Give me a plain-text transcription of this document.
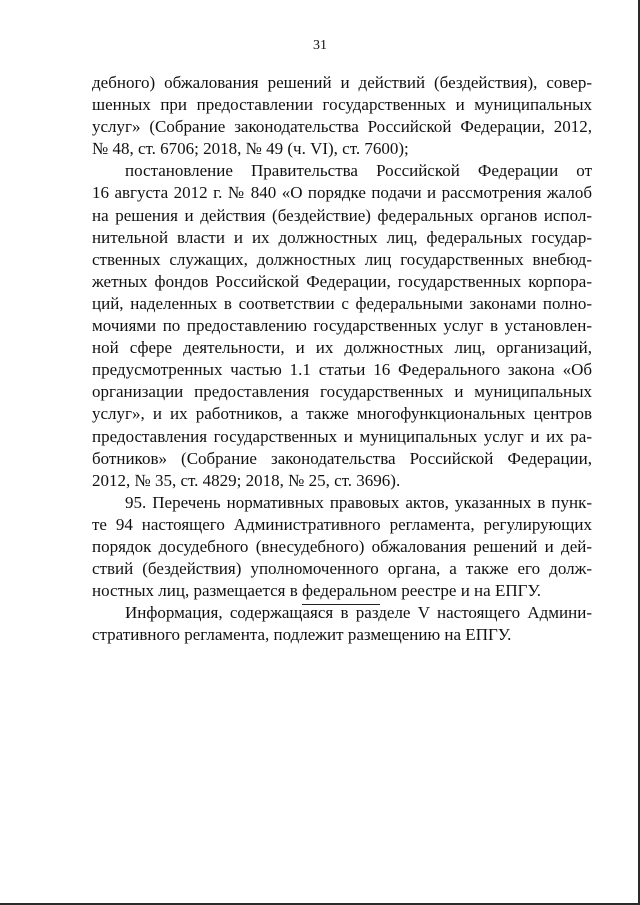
31
дебного) обжалования решений и действий (бездействия), совер-
шенных при предоставлении государственных и муниципальных
услуг» (Собрание законодательства Российской Федерации, 2012,
№ 48, ст. 6706; 2018, № 49 (ч. VI), ст. 7600);
постановление Правительства Российской Федерации от
16 августа 2012 г. № 840 «О порядке подачи и рассмотрения жалоб
на решения и действия (бездействие) федеральных органов испол-
нительной власти и их должностных лиц, федеральных государ-
ственных служащих, должностных лиц государственных внебюд-
жетных фондов Российской Федерации, государственных корпора-
ций, наделенных в соответствии с федеральными законами полно-
мочиями по предоставлению государственных услуг в установлен-
ной сфере деятельности, и их должностных лиц, организаций,
предусмотренных частью 1.1 статьи 16 Федерального закона «Об
организации предоставления государственных и муниципальных
услуг», и их работников, а также многофункциональных центров
предоставления государственных и муниципальных услуг и их ра-
ботников» (Собрание законодательства Российской Федерации,
2012, № 35, ст. 4829; 2018, № 25, ст. 3696).
95. Перечень нормативных правовых актов, указанных в пунк-
те 94 настоящего Административного регламента, регулирующих
порядок досудебного (внесудебного) обжалования решений и дей-
ствий (бездействия) уполномоченного органа, а также его долж-
ностных лиц, размещается в федеральном реестре и на ЕПГУ.
Информация, содержащаяся в разделе V настоящего Админи-
стративного регламента, подлежит размещению на ЕПГУ.
